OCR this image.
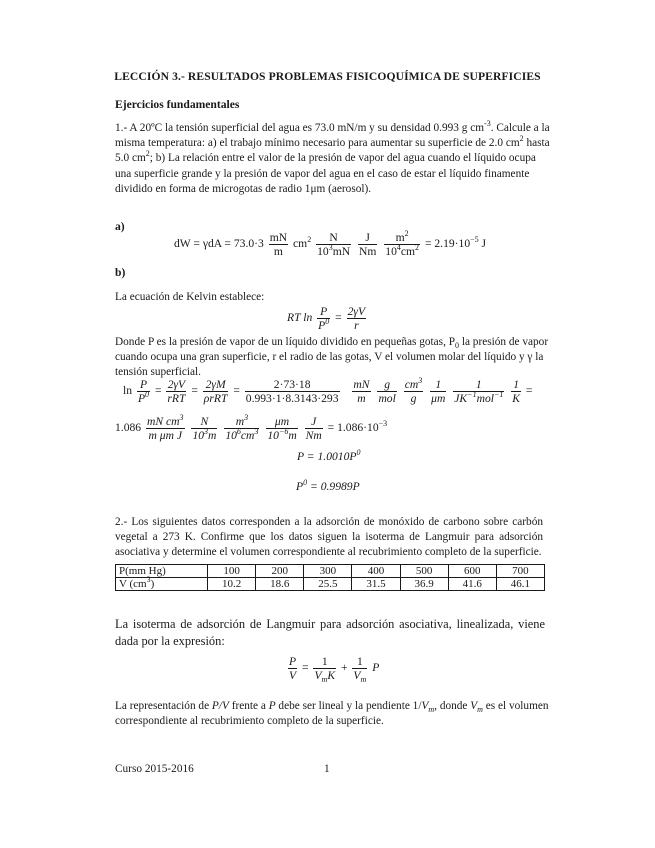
LECCIÓN 3.- RESULTADOS PROBLEMAS FISICOQUÍMICA DE SUPERFICIES
Ejercicios fundamentales
1.- A 20ºC la tensión superficial del agua es 73.0 mN/m y su densidad 0.993 g $cm^{-3}$. Calcule a la
misma temperatura: a) el trabajo mínimo necesario para aumentar su superficie de 2.0 $cm^2$ hasta
5.0 $cm^2$; b) La relación entre el valor de la presión de vapor del agua cuando el líquido ocupa
una superficie grande y la presión de vapor del agua en el caso de estar el líquido finamente
dividido en forma de microgotas de radio 1μm (aerosol).
a)
dW = $\gamma dA = 73.0\cdot 3 \frac{mN}{m} cm^2 \frac{N}{10^3mN}$
$\frac{J}{Nm}$
$\frac{m^2}{10^4cm^2} = 2.19\cdot 10^{-5}$ J
b)
La ecuación de Kelvin establece:
RT $\ln \frac{P}{P^0} = \frac{2\gamma V}{r}$
Donde P es la presión de vapor de un líquido dividido en pequeñas gotas, $P_0$ la presión de vapor
cuando ocupa una gran superficie, r el radio de las gotas, V el volumen molar del líquido y γ la
tensión superficial.
$\ln \frac{P}{P^0} = \frac{2\gamma V}{\text{rRT}} = \frac{2\gamma M}{\text{ρrRT}} = \frac{2\cdot 73\cdot 18}{0.993\cdot 1\cdot 8.3143\cdot 293}$
$\frac{mN}{m}$
$\frac{g}{\text{mol}}$
$\frac{cm^3}{g}$
$\frac{1}{\mu m}$
$\frac{1}{JK^{-1}mol^{-1}}$
$\frac{1}{K}$ =
$1.086 \frac{mN cm^3}{\text{m μm J}}$
$\frac{N}{10^3m}$
$\frac{m^3}{10^6cm^3}$
$\frac{\mu m}{10^{-6}m}$
$\frac{J}{Nm} = 1.086\cdot 10^{-3}$
$P = 1.0010P^0$
$P^0 = 0.9989P$
2.- Los siguientes datos corresponden a la adsorción de monóxido de carbono sobre carbón
vegetal a 273 K. Confirme que los datos siguen la isoterma de Langmuir para adsorción
asociativa y determine el volumen correspondiente al recubrimiento completo de la superficie.
P(mm Hg)	100	200	300	400	500	600	700
V $(cm^3)$	10.2	18.6	25.5	31.5	36.9	41.6	46.1
La isoterma de adsorción de Langmuir para adsorción asociativa, linealizada, viene
dada por la expresión:
$\frac{P}{V} = \frac{1}{V_mK} + \frac{1}{V_m}$ P
La representación de P/V frente a P debe ser lineal y la pendiente $1/V_m$, donde $V_m$ es el volumen
correspondiente al recubrimiento completo de la superficie.
Curso 2015-2016	1
